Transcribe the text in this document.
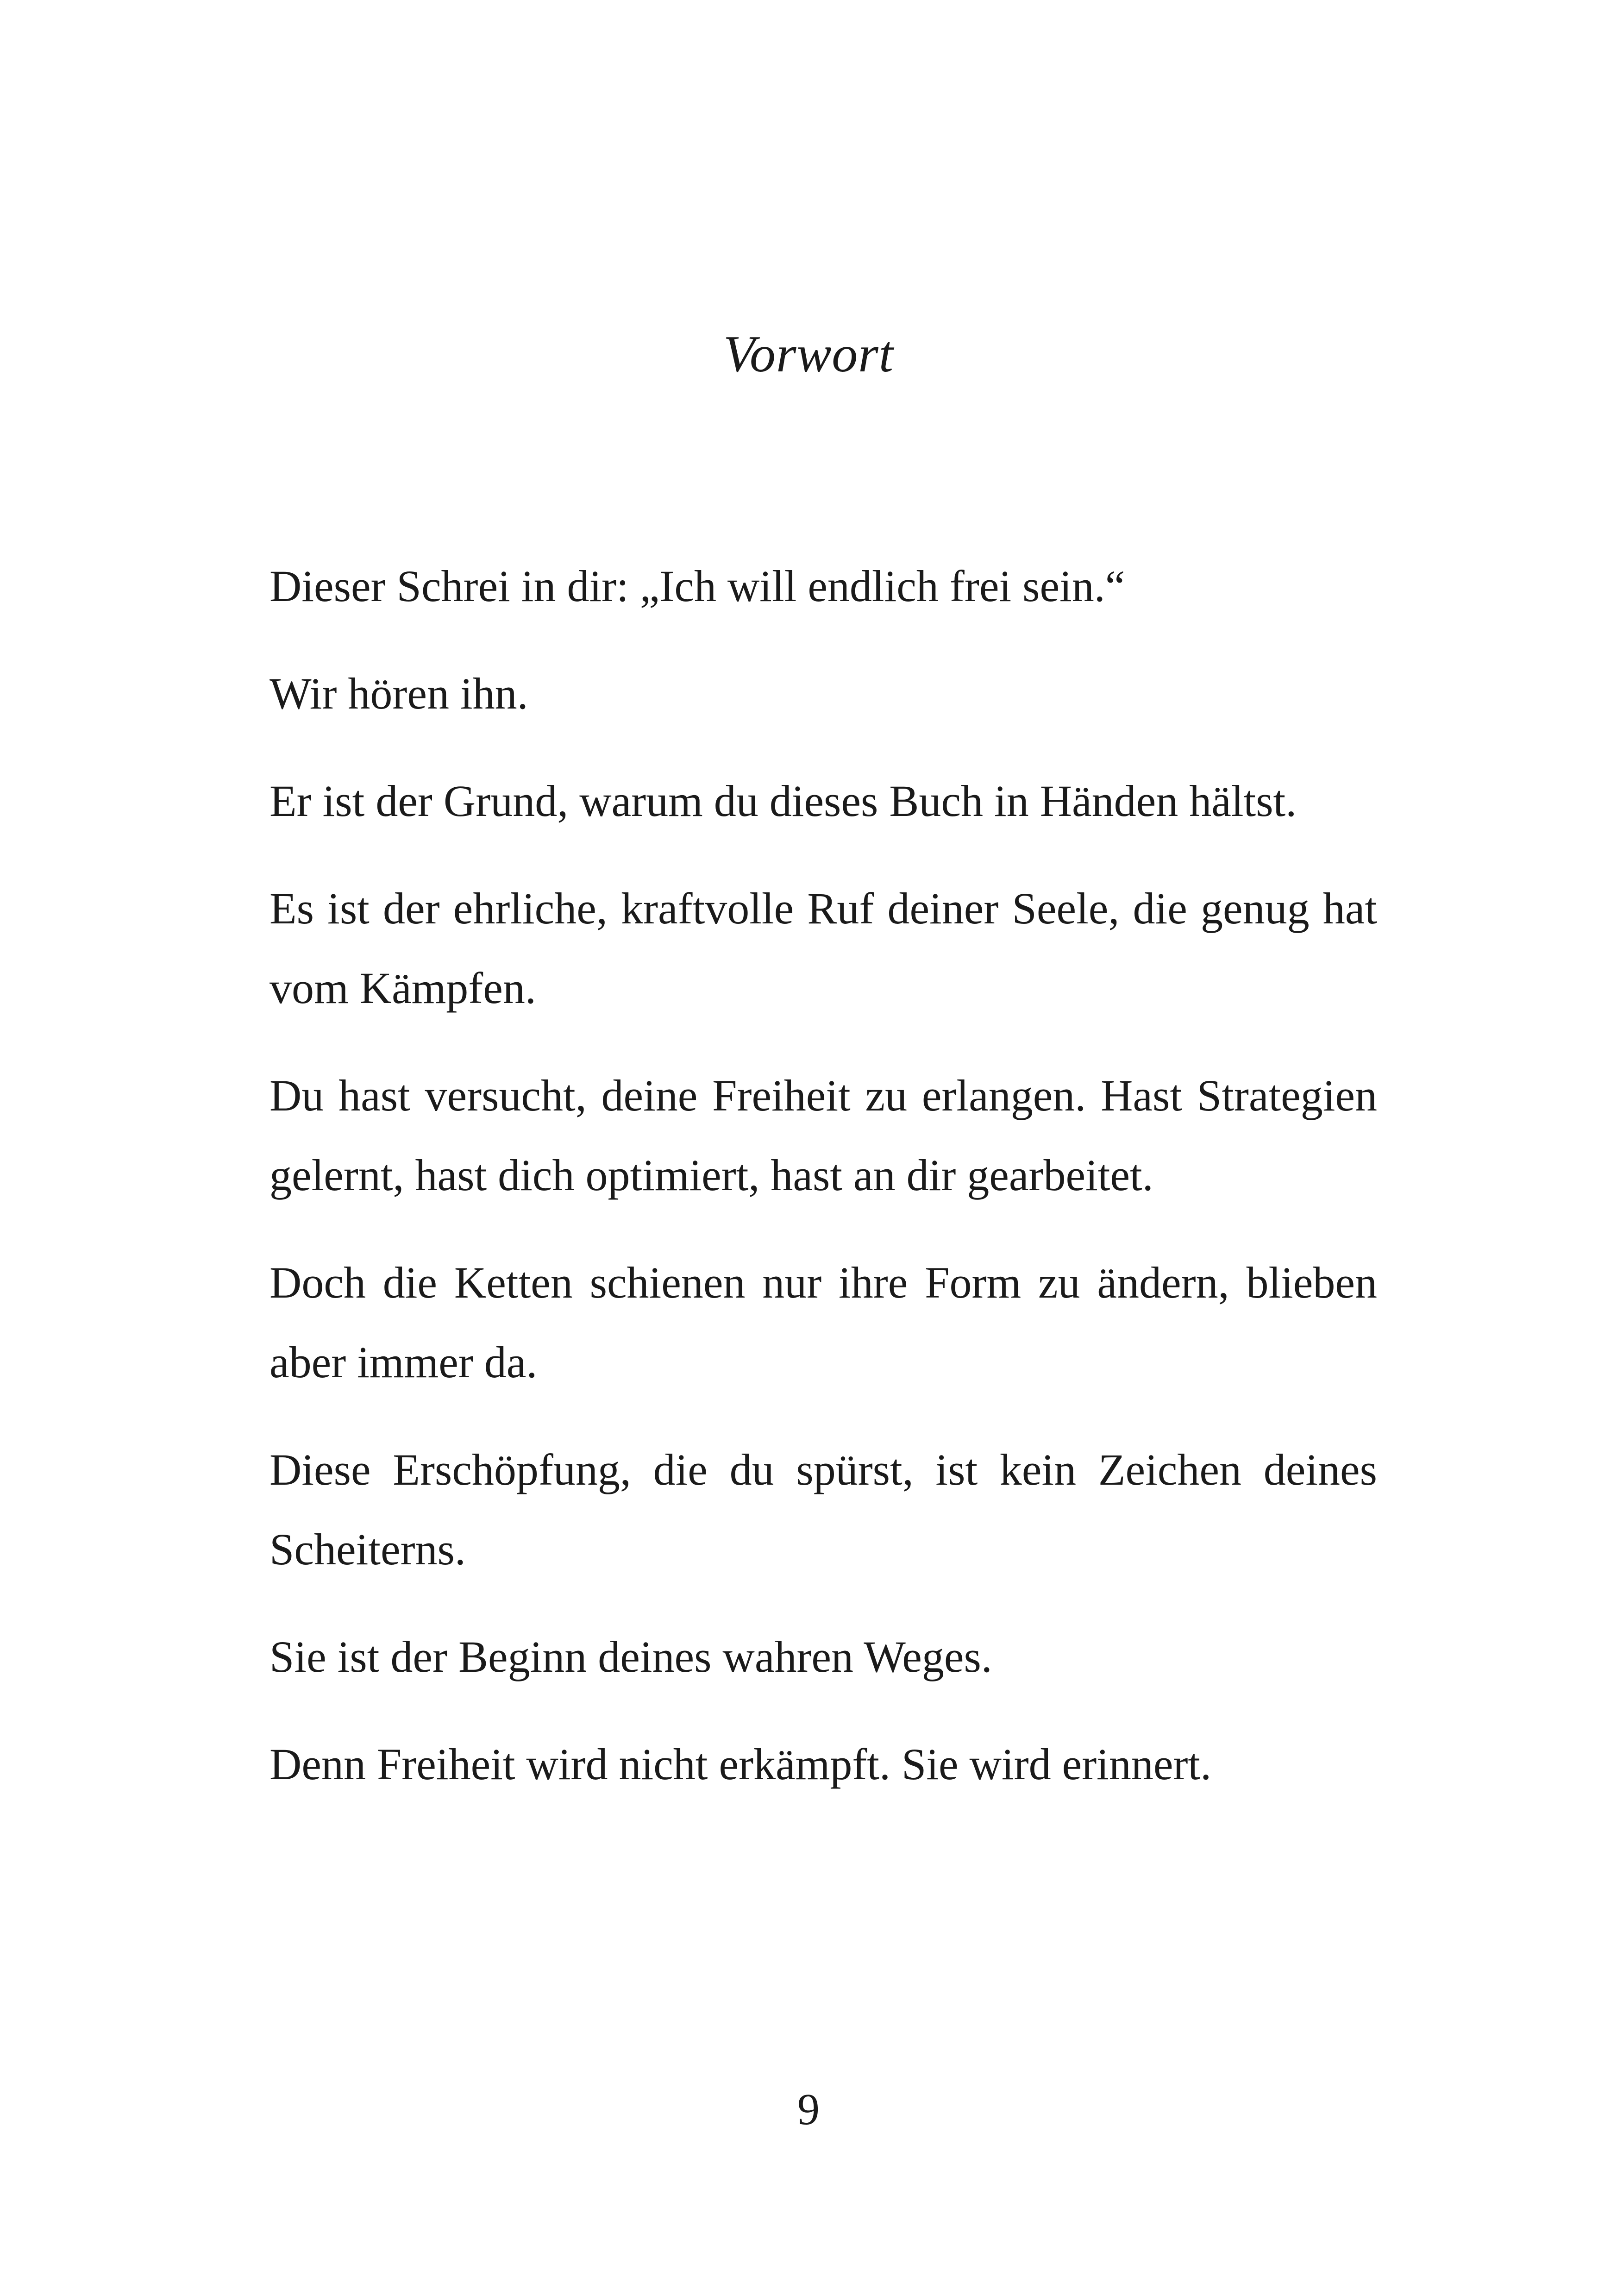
Vorwort

Dieser Schrei in dir: „Ich will endlich frei sein.“

Wir hören ihn.

Er ist der Grund, warum du dieses Buch in Händen hältst.

Es ist der ehrliche, kraftvolle Ruf deiner Seele, die genug hat vom Kämpfen.

Du hast versucht, deine Freiheit zu erlangen. Hast Strategien gelernt, hast dich optimiert, hast an dir gearbeitet.

Doch die Ketten schienen nur ihre Form zu ändern, blieben aber immer da.

Diese Erschöpfung, die du spürst, ist kein Zeichen deines Scheiterns.

Sie ist der Beginn deines wahren Weges.

Denn Freiheit wird nicht erkämpft. Sie wird erinnert.

9
